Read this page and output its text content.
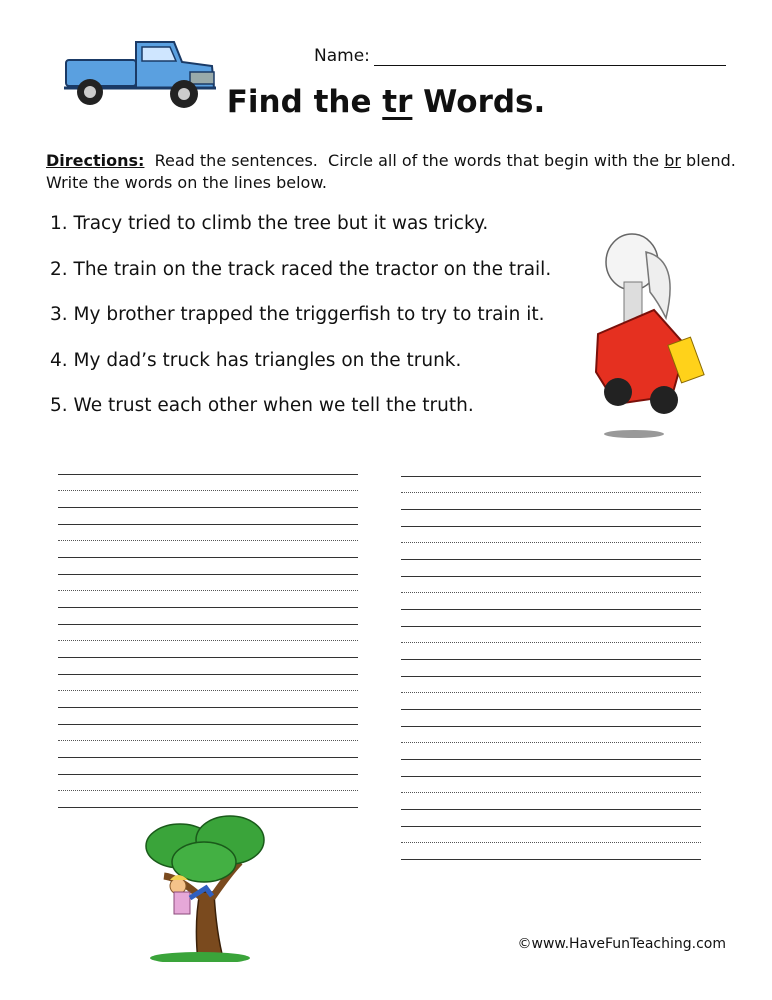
Name:
Find the tr Words.
Directions:  Read the sentences.  Circle all of the words that begin with the br blend. Write the words on the lines below.
1. Tracy tried to climb the tree but it was tricky.
2. The train on the track raced the tractor on the trail.
3. My brother trapped the triggerfish to try to train it.
4. My dad’s truck has triangles on the trunk.
5. We trust each other when we tell the truth.
©www.HaveFunTeaching.com
